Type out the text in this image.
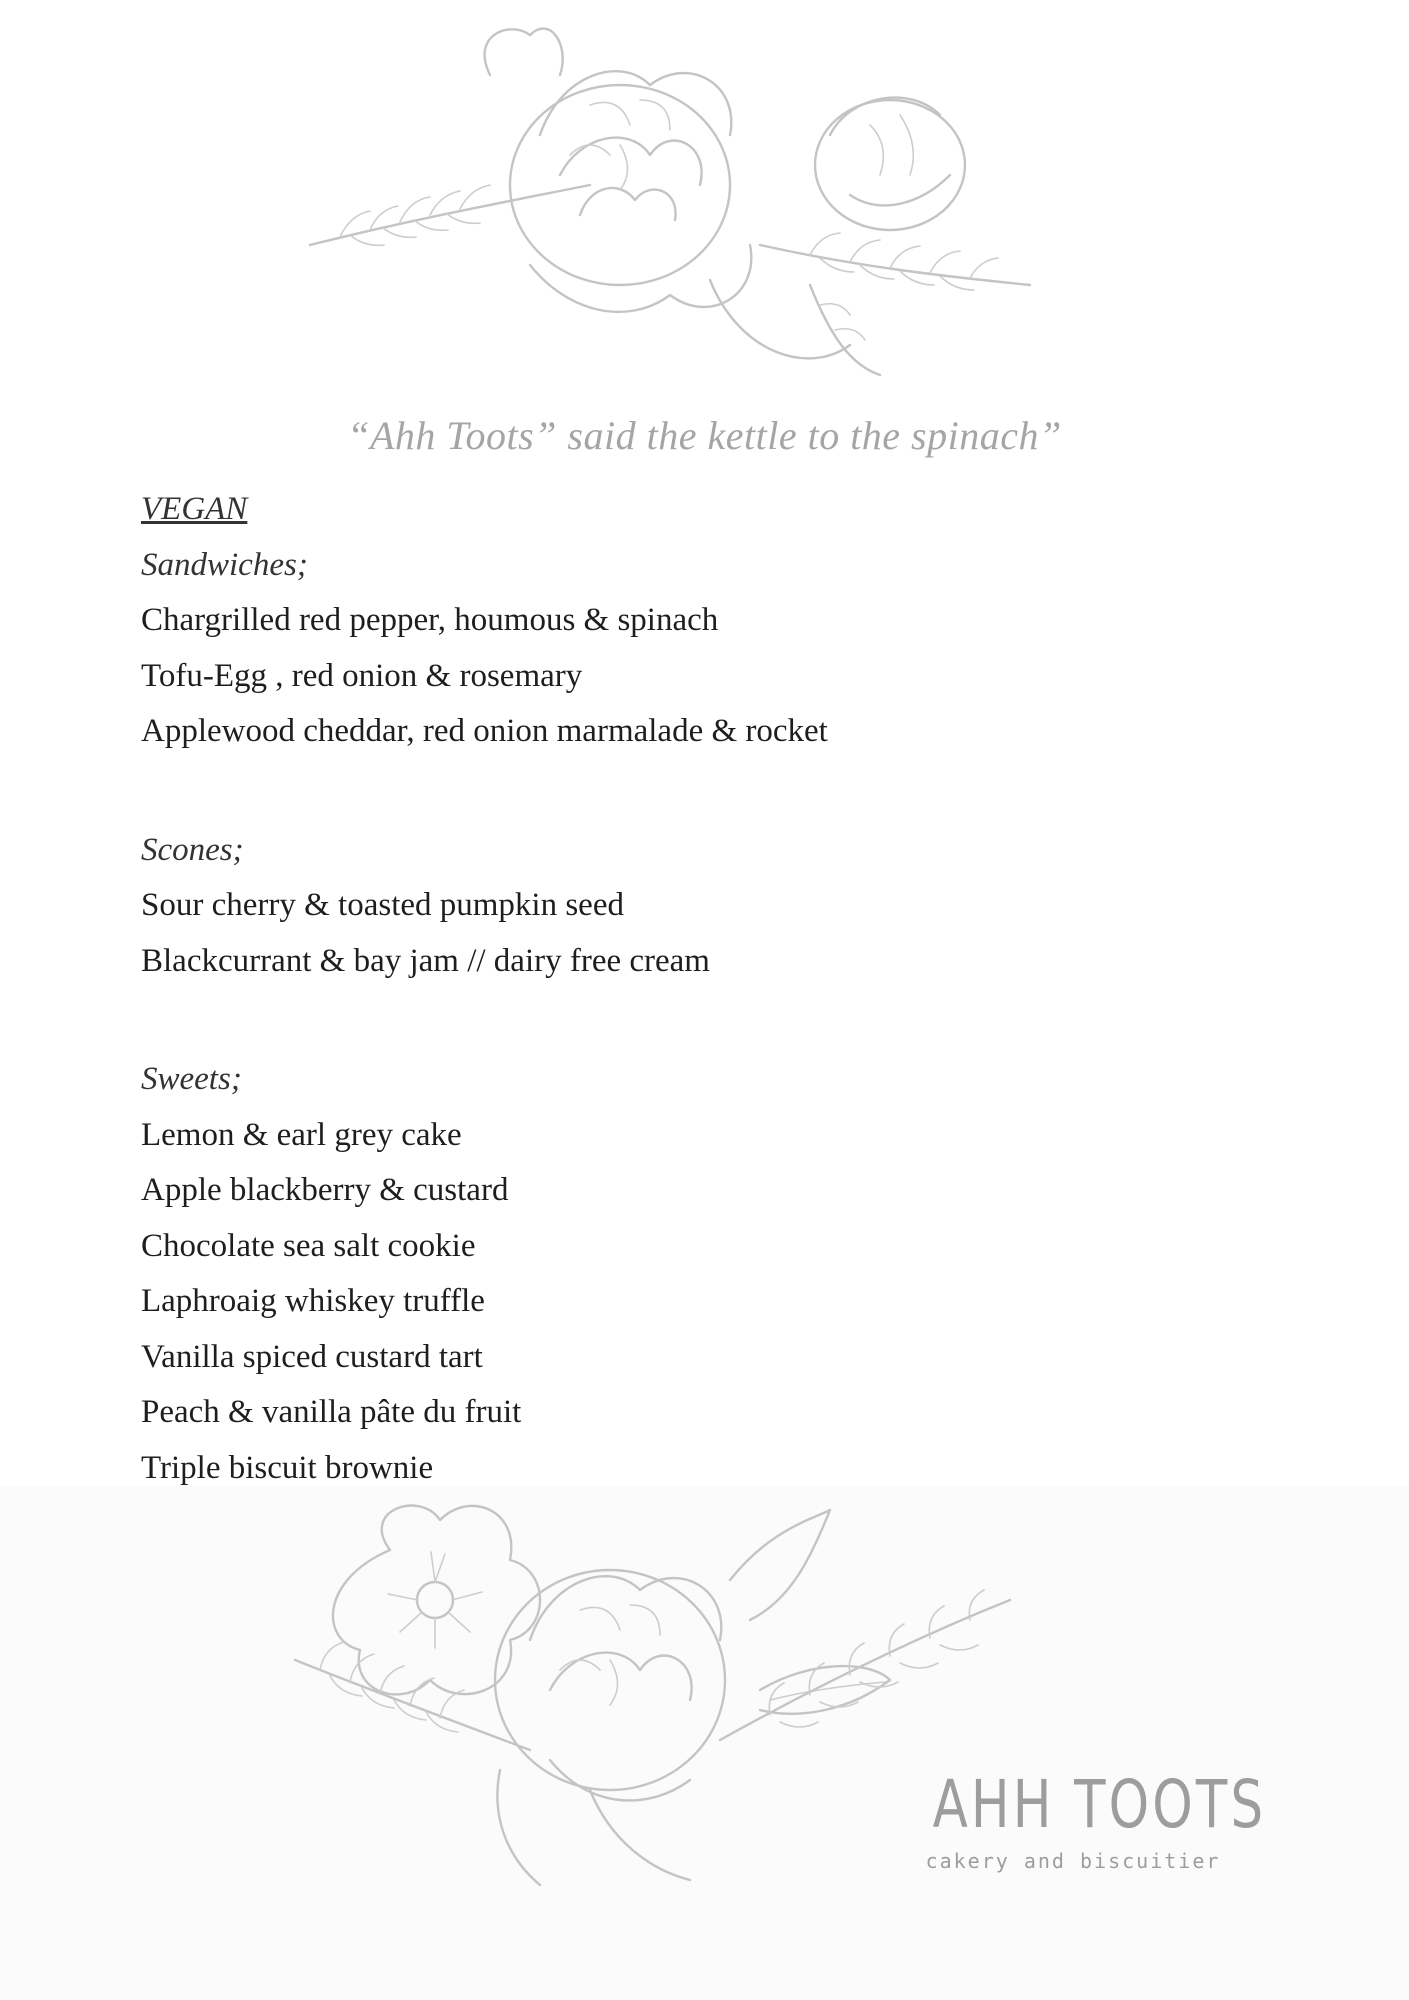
“Ahh Toots” said the kettle to the spinach”
VEGAN
Sandwiches;
Chargrilled red pepper, houmous & spinach
Tofu-Egg , red onion & rosemary
Applewood cheddar, red onion marmalade & rocket
Scones;
Sour cherry & toasted pumpkin seed
Blackcurrant & bay jam // dairy free cream
Sweets;
Lemon & earl grey cake
Apple blackberry & custard
Chocolate sea salt cookie
Laphroaig whiskey truffle
Vanilla spiced custard tart
Peach & vanilla pâte du fruit
Triple biscuit brownie
AHH TOOTS
cakery and biscuitier
